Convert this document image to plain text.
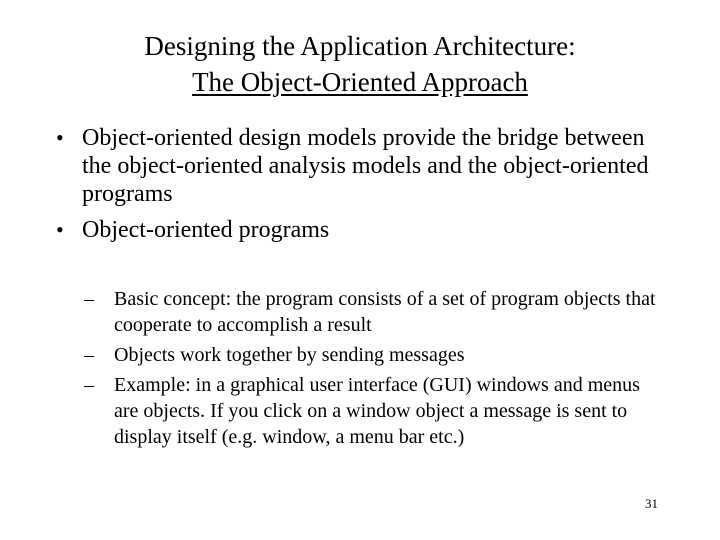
Designing the Application Architecture:
The Object-Oriented Approach
• Object-oriented design models provide the bridge between the object-oriented analysis models and the object-oriented programs
• Object-oriented programs
– Basic concept: the program consists of a set of program objects that cooperate to accomplish a result
– Objects work together by sending messages
– Example: in a graphical user interface (GUI) windows and menus are objects. If you click on a window object a message is sent to display itself (e.g. window, a menu bar etc.)
31
